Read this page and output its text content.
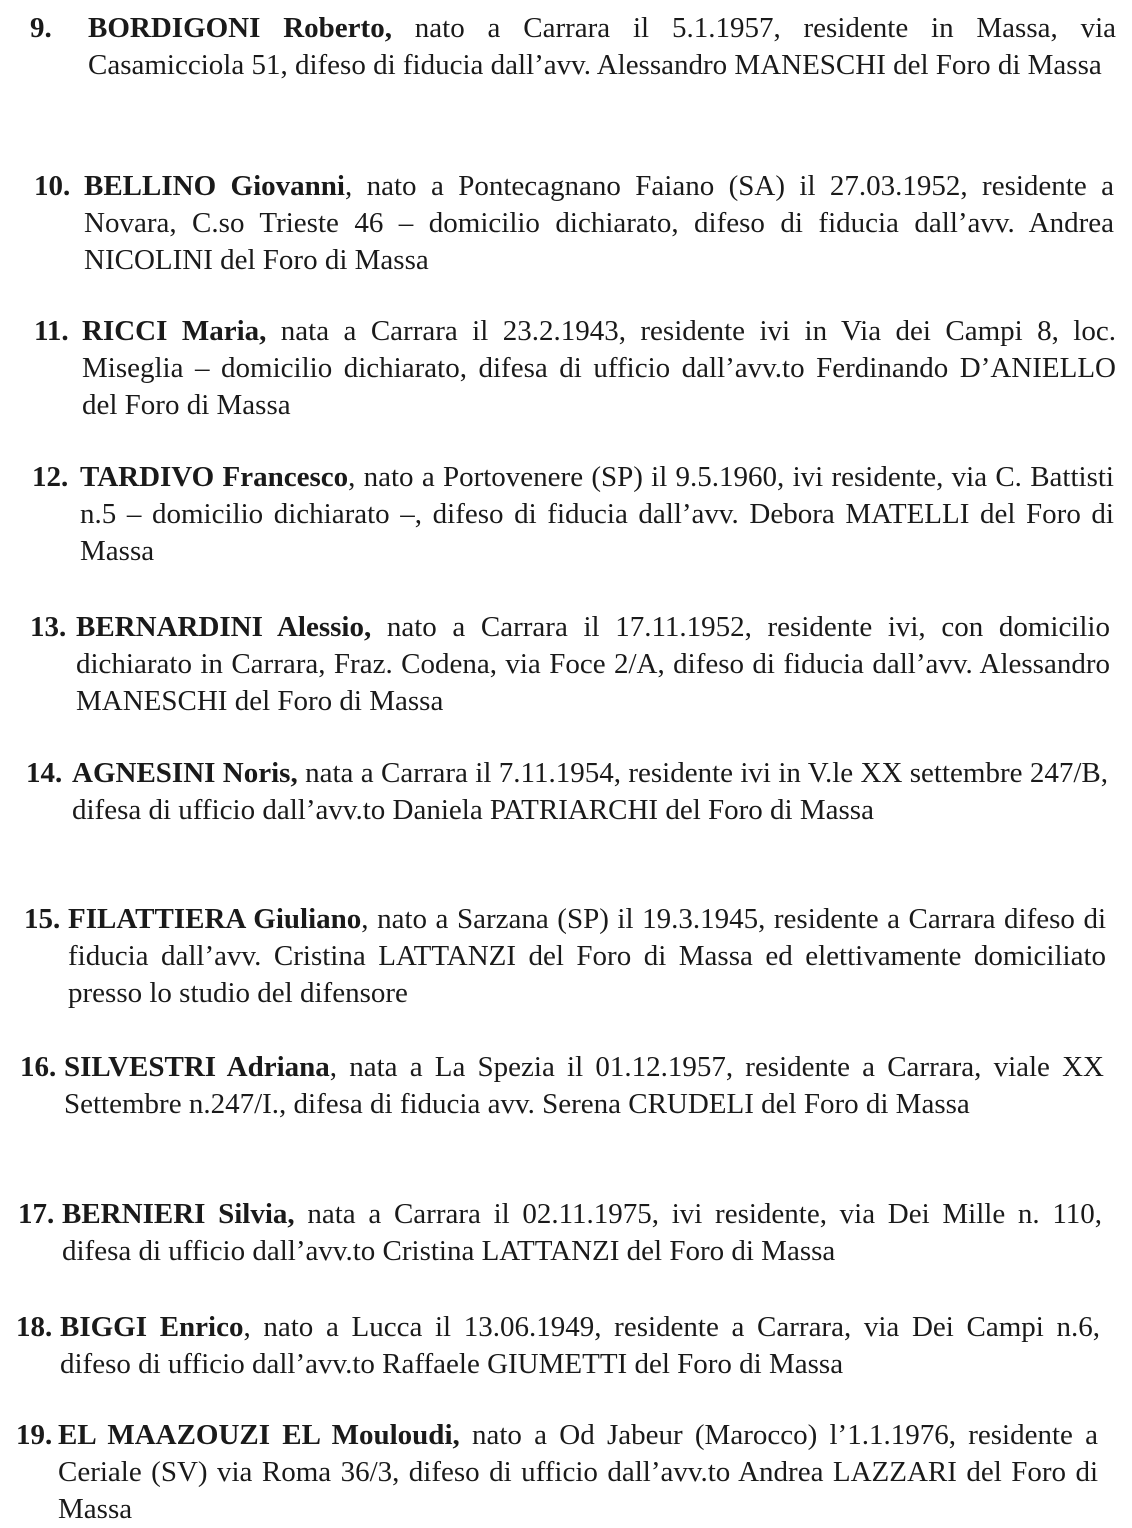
9.	BORDIGONI Roberto, nato a Carrara il 5.1.1957, residente in Massa, via Casamicciola 51, difeso di fiducia dall’avv. Alessandro MANESCHI del Foro di Massa
10. BELLINO Giovanni, nato a Pontecagnano Faiano (SA) il 27.03.1952, residente a Novara, C.so Trieste 46 – domicilio dichiarato, difeso di fiducia dall’avv. Andrea NICOLINI del Foro di Massa
11. RICCI Maria, nata a Carrara il 23.2.1943, residente ivi in Via dei Campi 8, loc. Miseglia – domicilio dichiarato, difesa di ufficio dall’avv.to Ferdinando D’ANIELLO del Foro di Massa
12. TARDIVO Francesco, nato a Portovenere (SP) il 9.5.1960, ivi residente, via C. Battisti n.5 – domicilio dichiarato –, difeso di fiducia dall’avv. Debora MATELLI del Foro di Massa
13. BERNARDINI Alessio, nato a Carrara il 17.11.1952, residente ivi, con domicilio dichiarato in Carrara, Fraz. Codena, via Foce 2/A, difeso di fiducia dall’avv. Alessandro MANESCHI del Foro di Massa
14. AGNESINI Noris, nata a Carrara il 7.11.1954, residente ivi in V.le XX settembre 247/B, difesa di ufficio dall’avv.to Daniela PATRIARCHI del Foro di Massa
15. FILATTIERA Giuliano, nato a Sarzana (SP) il 19.3.1945, residente a Carrara difeso di fiducia dall’avv. Cristina LATTANZI del Foro di Massa ed elettivamente domiciliato presso lo studio del difensore
16. SILVESTRI Adriana, nata a La Spezia il 01.12.1957, residente a Carrara, viale XX Settembre n.247/I., difesa di fiducia avv. Serena CRUDELI del Foro di Massa
17. BERNIERI Silvia, nata a Carrara il 02.11.1975, ivi residente, via Dei Mille n. 110, difesa di ufficio dall’avv.to Cristina LATTANZI del Foro di Massa
18. BIGGI Enrico, nato a Lucca il 13.06.1949, residente a Carrara, via Dei Campi n.6, difeso di ufficio dall’avv.to Raffaele GIUMETTI del Foro di Massa
19. EL MAAZOUZI EL Mouloudi, nato a Od Jabeur (Marocco) l’1.1.1976, residente a Ceriale (SV) via Roma 36/3, difeso di ufficio dall’avv.to Andrea LAZZARI del Foro di Massa
